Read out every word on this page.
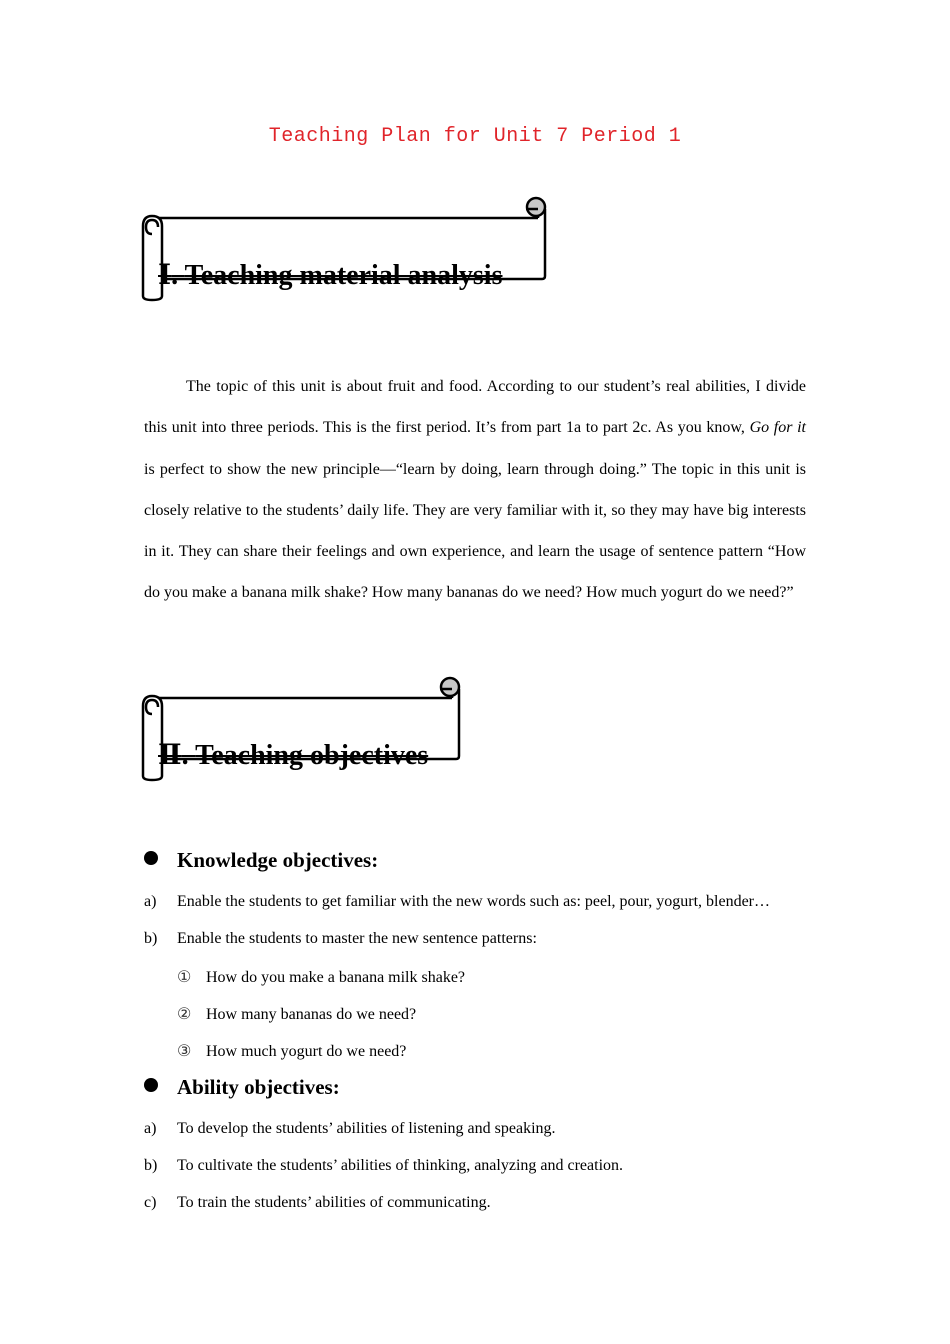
Teaching Plan for Unit 7 Period 1
Ⅰ. Teaching material analysis

The topic of this unit is about fruit and food. According to our student’s real abilities, I divide this unit into three periods. This is the first period. It’s from part 1a to part 2c. As you know, Go for it is perfect to show the new principle—“learn by doing, learn through doing.” The topic in this unit is closely relative to the students’ daily life. They are very familiar with it, so they may have big interests in it. They can share their feelings and own experience, and learn the usage of sentence pattern “How do you make a banana milk shake? How many bananas do we need? How much yogurt do we need?”

Ⅱ. Teaching objectives
Knowledge objectives:
a) Enable the students to get familiar with the new words such as: peel, pour, yogurt, blender…
b) Enable the students to master the new sentence patterns:
① How do you make a banana milk shake?
② How many bananas do we need?
③ How much yogurt do we need?
Ability objectives:
a) To develop the students’ abilities of listening and speaking.
b) To cultivate the students’ abilities of thinking, analyzing and creation.
c) To train the students’ abilities of communicating.
